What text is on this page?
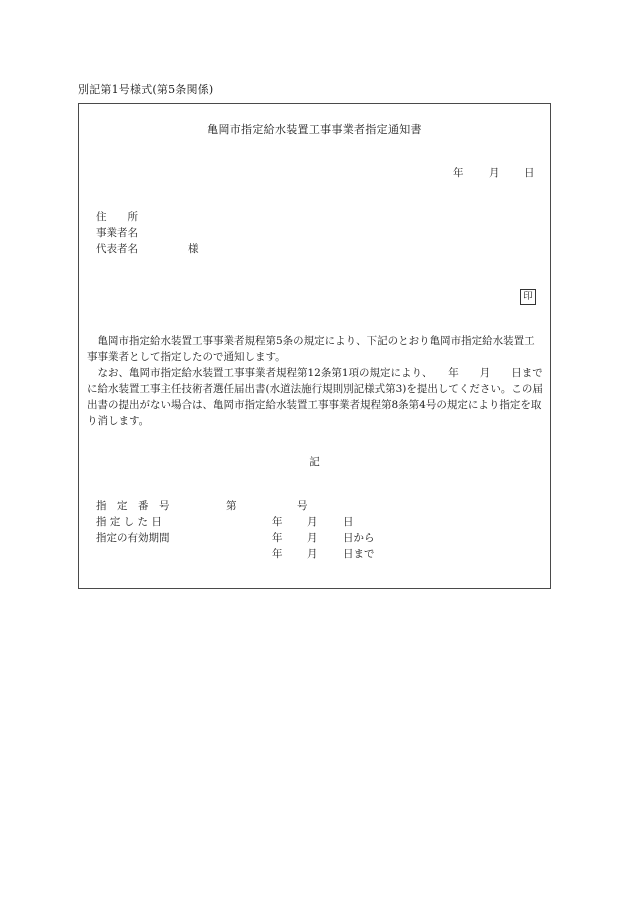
別記第1号様式(第5条関係)
亀岡市指定給水装置工事事業者指定通知書
年 月 日
住　　所
事業者名
代表者名	様
印

亀岡市指定給水装置工事事業者規程第5条の規定により、下記のとおり亀岡市指定給水装置工事事業者として指定したので通知します。

なお、亀岡市指定給水装置工事事業者規程第12条第1項の規定により、　　年　　月　　日までに給水装置工事主任技術者選任届出書(水道法施行規則別記様式第3)を提出してください。この届出書の提出がない場合は、亀岡市指定給水装置工事事業者規程第8条第4号の規定により指定を取り消します。

記
指　定　番　号	第	号
指 定 し た 日	年 月 日
指定の有効期間	年 月 日から
年 月 日まで
